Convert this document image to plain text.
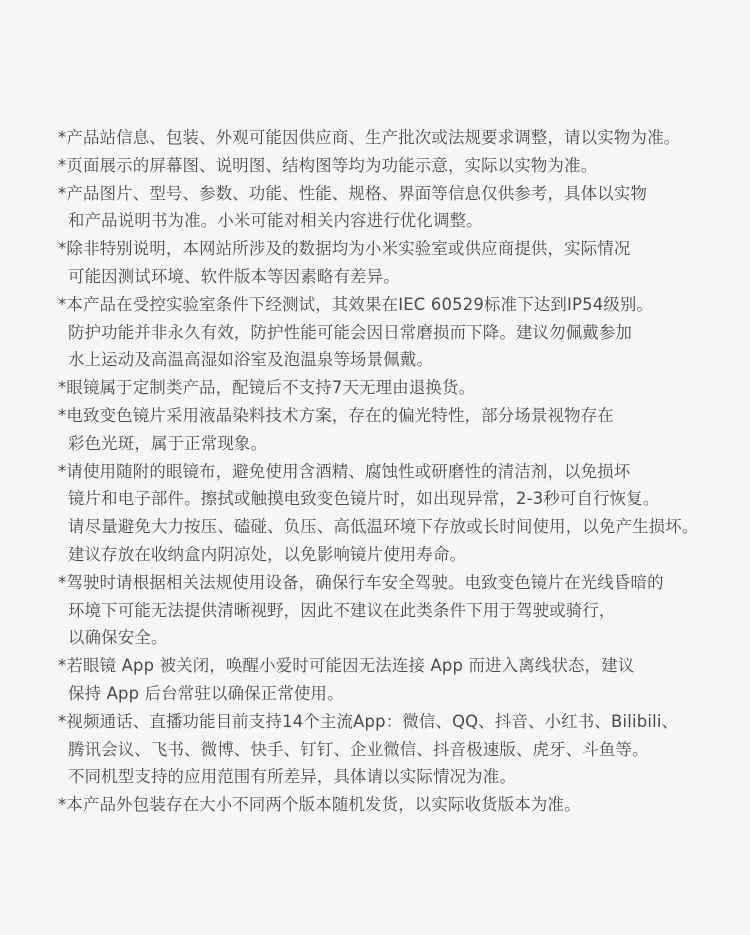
*产品站信息、包装、外观可能因供应商、生产批次或法规要求调整，请以实物为准。
*页面展示的屏幕图、说明图、结构图等均为功能示意，实际以实物为准。
*产品图片、型号、参数、功能、性能、规格、界面等信息仅供参考，具体以实物
和产品说明书为准。小米可能对相关内容进行优化调整。
*除非特别说明，本网站所涉及的数据均为小米实验室或供应商提供，实际情况
可能因测试环境、软件版本等因素略有差异。
*本产品在受控实验室条件下经测试，其效果在IEC 60529标准下达到IP54级别。
防护功能并非永久有效，防护性能可能会因日常磨损而下降。建议勿佩戴参加
水上运动及高温高湿如浴室及泡温泉等场景佩戴。
*眼镜属于定制类产品，配镜后不支持7天无理由退换货。
*电致变色镜片采用液晶染料技术方案，存在的偏光特性，部分场景视物存在
彩色光斑，属于正常现象。
*请使用随附的眼镜布，避免使用含酒精、腐蚀性或研磨性的清洁剂，以免损坏
镜片和电子部件。擦拭或触摸电致变色镜片时，如出现异常，2-3秒可自行恢复。
请尽量避免大力按压、磕碰、负压、高低温环境下存放或长时间使用，以免产生损坏。
建议存放在收纳盒内阴凉处，以免影响镜片使用寿命。
*驾驶时请根据相关法规使用设备，确保行车安全驾驶。电致变色镜片在光线昏暗的
环境下可能无法提供清晰视野，因此不建议在此类条件下用于驾驶或骑行，
以确保安全。
*若眼镜 App 被关闭，唤醒小爱时可能因无法连接 App 而进入离线状态，建议
保持 App 后台常驻以确保正常使用。
*视频通话、直播功能目前支持14个主流App：微信、QQ、抖音、小红书、Bilibili、
腾讯会议、飞书、微博、快手、钉钉、企业微信、抖音极速版、虎牙、斗鱼等。
不同机型支持的应用范围有所差异，具体请以实际情况为准。
*本产品外包装存在大小不同两个版本随机发货，以实际收货版本为准。
